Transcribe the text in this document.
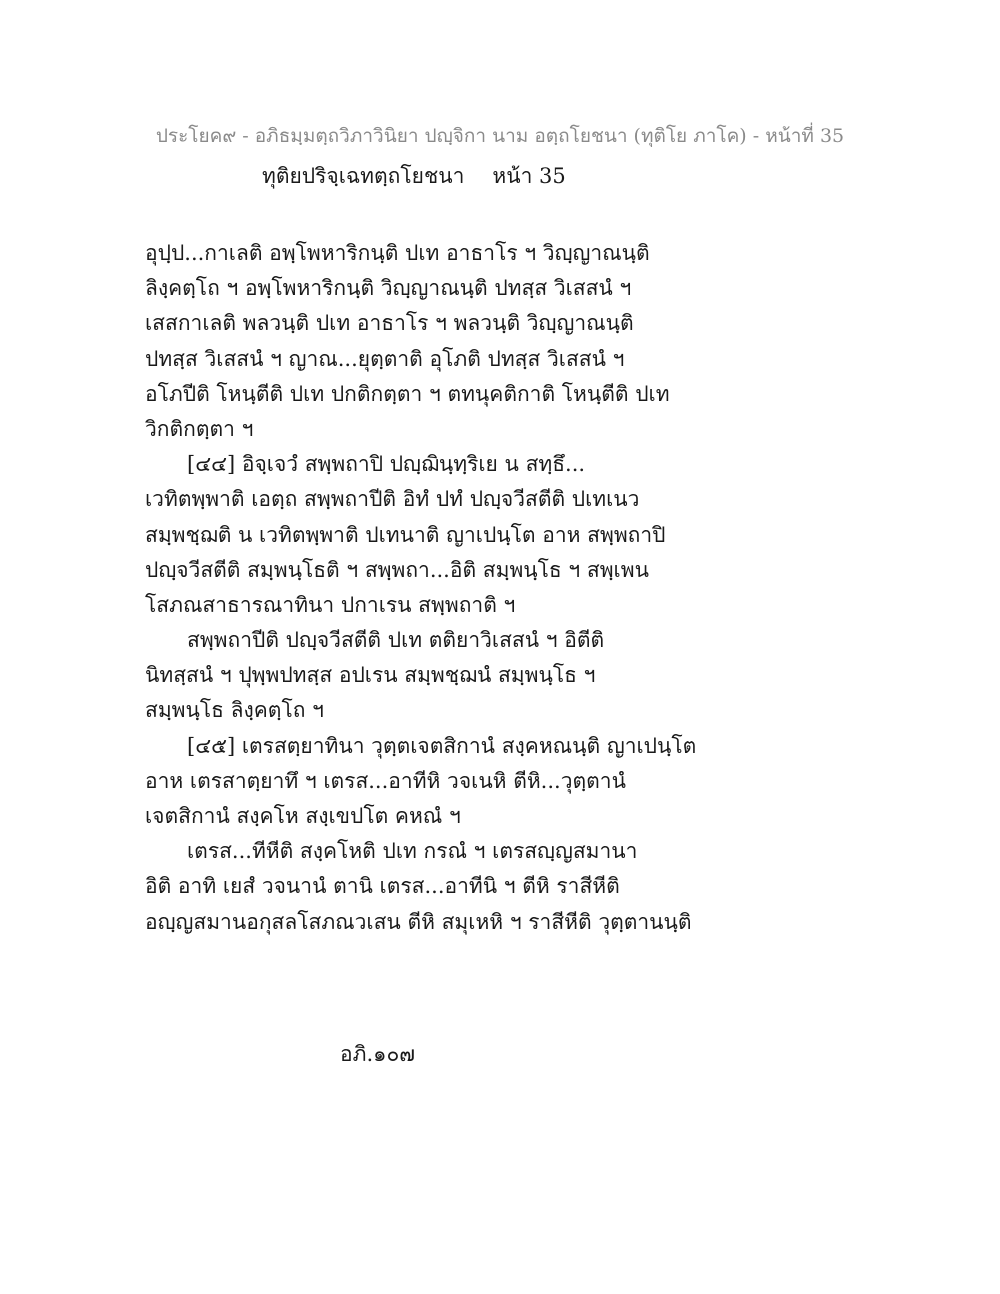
ประโยค๙ - อภิธมฺมตฺถวิภาวินิยา ปญฺจิกา นาม อตฺถโยชนา (ทุติโย ภาโค) - หน้าที่ 35
ทุติยปริจฺเฉทตฺถโยชนา หน้า 35
อุปฺป...กาเลติ อพฺโพหาริกนฺติ ปเท อาธาโร ฯ วิญฺญาณนฺติ
ลิงฺคตฺโถ ฯ อพฺโพหาริกนฺติ วิญฺญาณนฺติ ปทสฺส วิเสสนํ ฯ
เสสกาเลติ พลวนฺติ ปเท อาธาโร ฯ พลวนฺติ วิญฺญาณนฺติ
ปทสฺส วิเสสนํ ฯ ญาณ...ยุตฺตาติ อุโภติ ปทสฺส วิเสสนํ ฯ
อโภปีติ โหนฺตีติ ปเท ปกติกตฺตา ฯ ตทนุคติกาติ โหนฺตีติ ปเท
วิกติกตฺตา ฯ
[๔๔] อิจฺเจวํ สพฺพถาปิ ปญฺฌินฺทฺริเย น สทฺธึ...
เวทิตพฺพาติ เอตฺถ สพฺพถาปีติ อิทํ ปทํ ปญฺจวีสตีติ ปเทเนว
สมฺพชฺฌติ น เวทิตพฺพาติ ปเทนาติ ญาเปนฺโต อาห สพฺพถาปิ
ปญฺจวีสตีติ สมฺพนฺโธติ ฯ สพฺพถา...อิติ สมฺพนฺโธ ฯ สพฺเพน
โสภณสาธารณาทินา ปกาเรน สพฺพถาติ ฯ
สพฺพถาปีติ ปญฺจวีสตีติ ปเท ตติยาวิเสสนํ ฯ อิตีติ
นิทสฺสนํ ฯ ปุพฺพปทสฺส อปเรน สมฺพชฺฌนํ สมฺพนฺโธ ฯ
สมฺพนฺโธ ลิงฺคตฺโถ ฯ
[๔๕] เตรสตฺยาทินา วุตฺตเจตสิกานํ สงฺคหณนฺติ ญาเปนฺโต
อาห เตรสาตฺยาทึ ฯ เตรส...อาทีหิ วจเนหิ ตีหิ...วุตฺตานํ
เจตสิกานํ สงฺคโห สงฺเขปโต คหณํ ฯ
เตรส...ทีหีติ สงฺคโหติ ปเท กรณํ ฯ เตรสญฺญสมานา
อิติ อาทิ เยสํ วจนานํ ตานิ เตรส...อาทีนิ ฯ ตีหิ ราสีหีติ
อญฺญสมานอกุสลโสภณวเสน ตีหิ สมุเหหิ ฯ ราสีหีติ วุตฺตานนฺติ
อภิ.๑๐๗
